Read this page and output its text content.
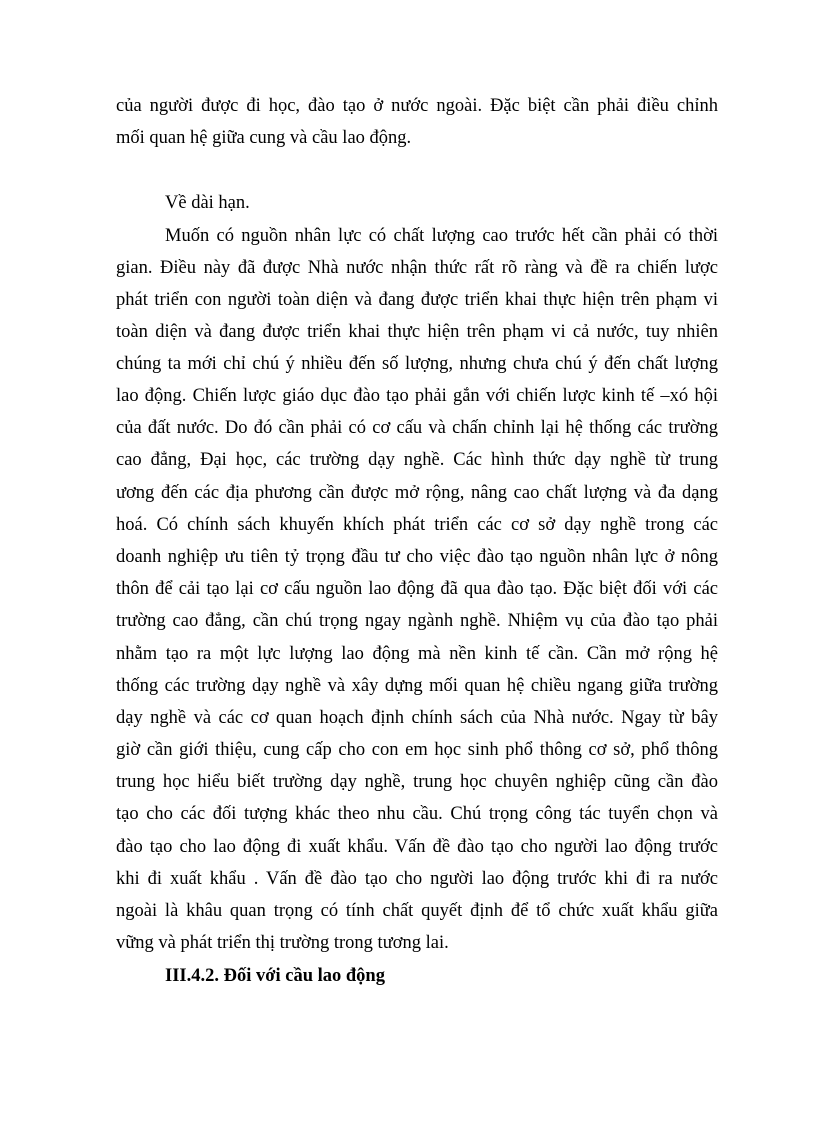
của người được đi học, đào tạo ở nước ngoài. Đặc biệt cần phải điều chỉnh
mối quan hệ giữa cung và cầu lao động.
Về dài hạn.
Muốn có nguồn nhân lực có chất lượng cao trước hết cần phải có thời
gian. Điều này đã được Nhà nước nhận thức rất rõ ràng và đề ra chiến lược
phát triển con người toàn diện và đang được triển khai thực hiện trên phạm vi
toàn diện và đang được triển khai thực hiện trên phạm vi cả nước, tuy nhiên
chúng ta mới chỉ chú ý nhiều đến số lượng, nhưng chưa chú ý đến chất lượng
lao động. Chiến lược giáo dục đào tạo phải gắn với chiến lược kinh tế –xó hội
của đất nước. Do đó cần phải có cơ cấu và chấn chỉnh lại hệ thống các trường
cao đẳng, Đại học, các trường dạy nghề. Các hình thức dạy nghề từ trung
ương đến các địa phương cần được mở rộng, nâng cao chất lượng và đa dạng
hoá. Có chính sách khuyến khích phát triển các cơ sở dạy nghề trong các
doanh nghiệp ưu tiên tỷ trọng đầu tư cho việc đào tạo nguồn nhân lực ở nông
thôn để cải tạo lại cơ cấu nguồn lao động đã qua đào tạo. Đặc biệt đối với các
trường cao đẳng, cần chú trọng ngay ngành nghề. Nhiệm vụ của đào tạo phải
nhằm tạo ra một lực lượng lao động mà nền kinh tế cần. Cần mở rộng hệ
thống các trường dạy nghề và xây dựng mối quan hệ chiều ngang giữa trường
dạy nghề và các cơ quan hoạch định chính sách của Nhà nước. Ngay từ bây
giờ cần giới thiệu, cung cấp cho con em học sinh phổ thông cơ sở, phổ thông
trung học hiểu biết trường dạy nghề, trung học chuyên nghiệp cũng cần đào
tạo cho các đối tượng khác theo nhu cầu. Chú trọng công tác tuyển chọn và
đào tạo cho lao động đi xuất khẩu. Vấn đề đào tạo cho người lao động trước
khi đi xuất khẩu . Vấn đề đào tạo cho người lao động trước khi đi ra nước
ngoài là khâu quan trọng có tính chất quyết định để tổ chức xuất khẩu giữa
vững và phát triển thị trường trong tương lai.
III.4.2. Đối với cầu lao động
